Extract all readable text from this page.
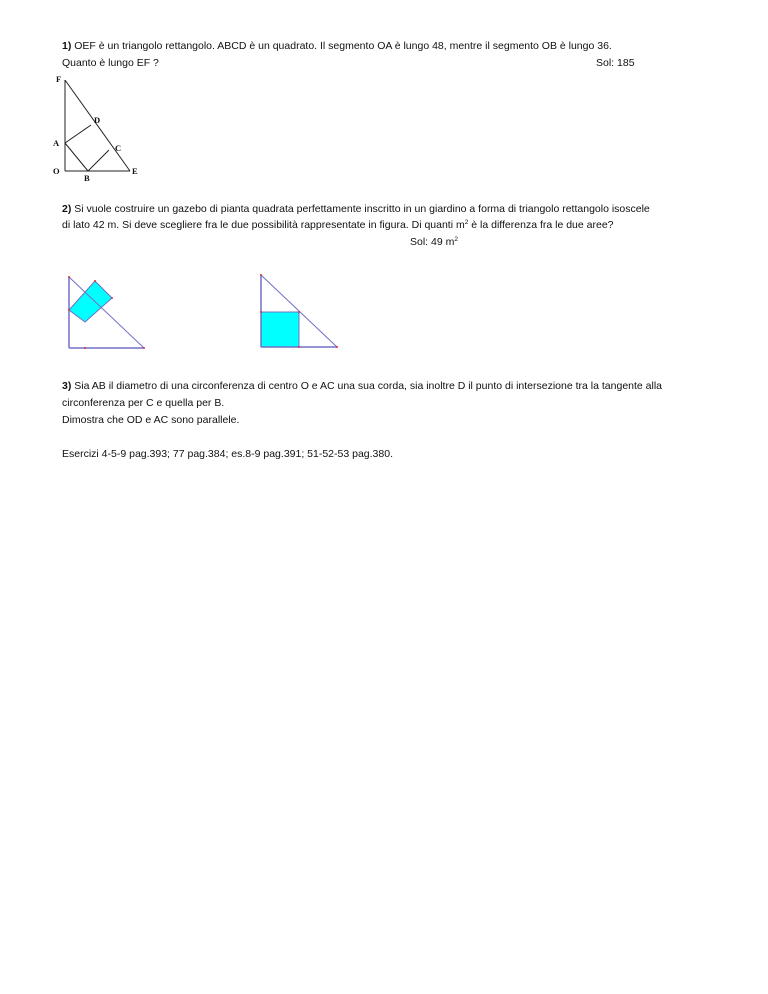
1) OEF è un triangolo rettangolo. ABCD è un quadrato. Il segmento OA è lungo 48, mentre il segmento OB è lungo 36.
Quanto è lungo EF ?	Sol: 185
F
D
A	C
O	E
B
2) Si vuole costruire un gazebo di pianta quadrata perfettamente inscritto in un giardino a forma di triangolo rettangolo isoscele
di lato 42 m. Si deve scegliere fra le due possibilità rappresentate in figura. Di quanti $m^2$ è la differenza fra le due aree?
Sol: 49 $m^2$
3) Sia AB il diametro di una circonferenza di centro O e AC una sua corda, sia inoltre D il punto di intersezione tra la tangente alla
circonferenza per C e quella per B.
Dimostra che OD e AC sono parallele.
Esercizi 4-5-9 pag.393; 77 pag.384; es.8-9 pag.391; 51-52-53 pag.380.
